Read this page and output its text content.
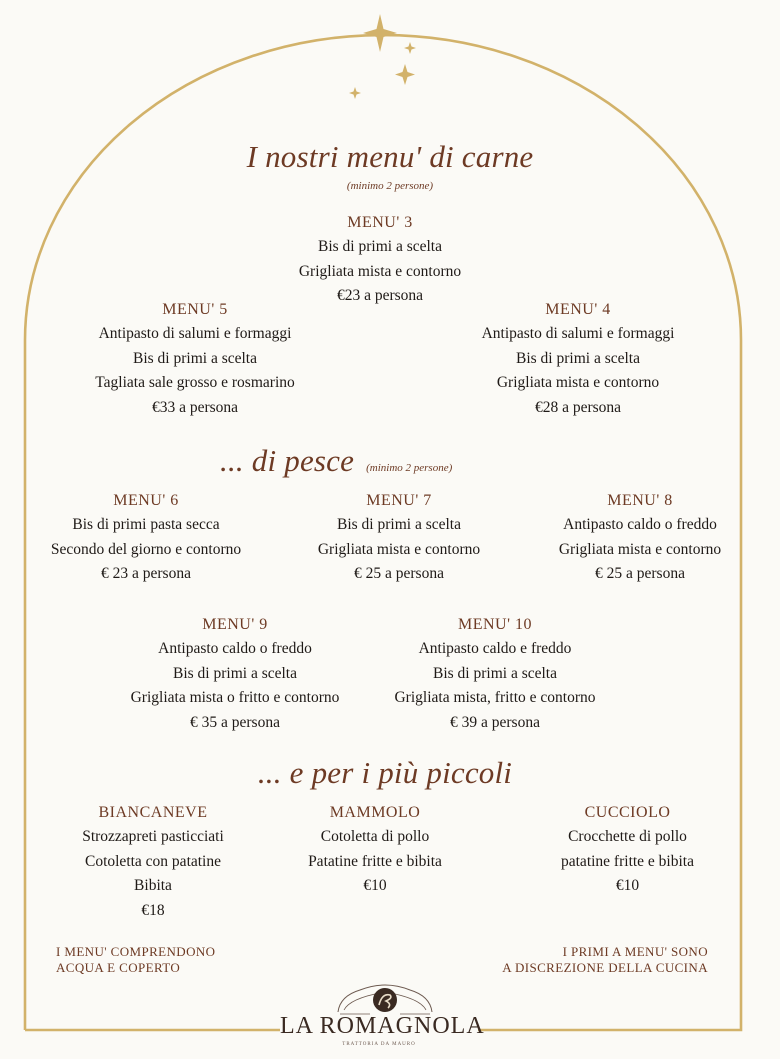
I nostri menu' di carne
(minimo 2 persone)
MENU' 3
Bis di primi a scelta
Grigliata mista e contorno
€23 a persona
MENU' 5
Antipasto di salumi e formaggi
Bis di primi a scelta
Tagliata sale grosso e rosmarino
€33 a persona
MENU' 4
Antipasto di salumi e formaggi
Bis di primi a scelta
Grigliata mista e contorno
€28 a persona
... di pesce (minimo 2 persone)
MENU' 6
Bis di primi pasta secca
Secondo del giorno e contorno
€ 23 a persona
MENU' 7
Bis di primi a scelta
Grigliata mista e contorno
€ 25 a persona
MENU' 8
Antipasto caldo o freddo
Grigliata mista e contorno
€ 25 a persona
MENU' 9
Antipasto caldo o freddo
Bis di primi a scelta
Grigliata mista o fritto e contorno
€ 35 a persona
MENU' 10
Antipasto caldo e freddo
Bis di primi a scelta
Grigliata mista, fritto e contorno
€ 39 a persona
... e per i più piccoli
BIANCANEVE
Strozzapreti pasticciati
Cotoletta con patatine
Bibita
€18
MAMMOLO
Cotoletta di pollo
Patatine fritte e bibita
€10
CUCCIOLO
Crocchette di pollo
patatine fritte e bibita
€10
I MENU' COMPRENDONO
ACQUA E COPERTO
I PRIMI A MENU' SONO
A DISCREZIONE DELLA CUCINA
LA ROMAGNOLA
TRATTORIA DA MAURO
